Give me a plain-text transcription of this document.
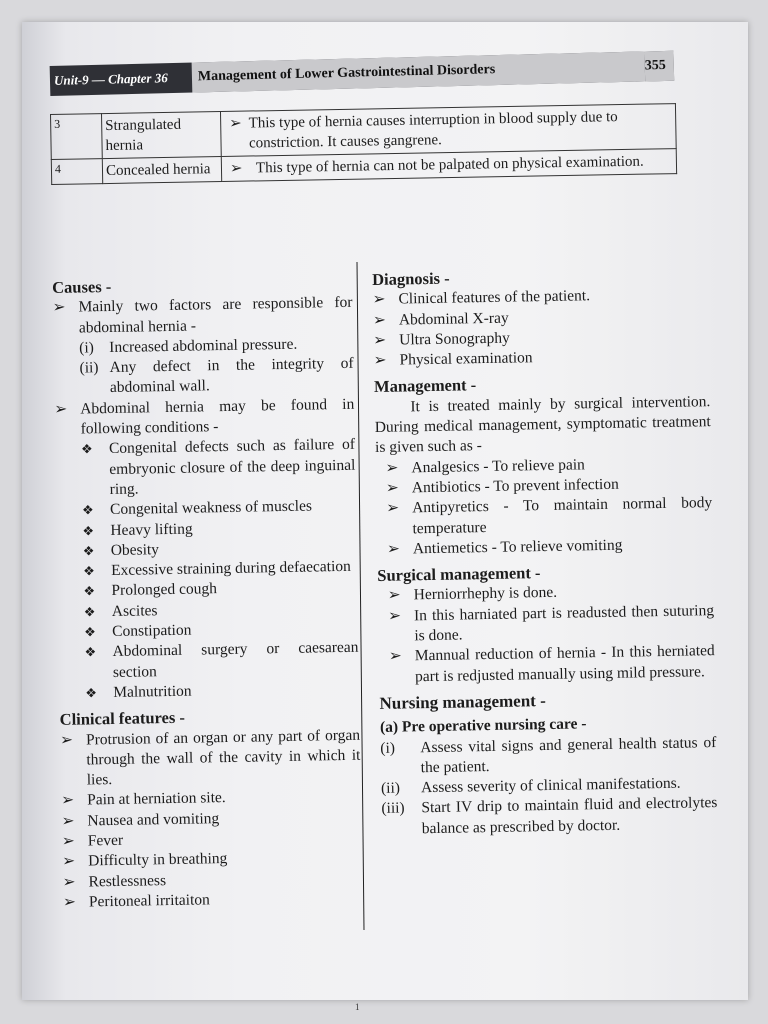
Unit-9 — Chapter 36	Management of Lower Gastrointestinal Disorders	355
3	Strangulated hernia	➢ This type of hernia causes interruption in blood supply due to constriction. It causes gangrene.

4	Concealed hernia	➢ This type of hernia can not be palpated on physical examination.
Causes -
➢ Mainly two factors are responsible for abdominal hernia -
(i) Increased abdominal pressure.
(ii) Any defect in the integrity of abdominal wall.
➢ Abdominal hernia may be found in following conditions -
❖	Congenital defects such as failure of embryonic closure of the deep inguinal ring.
❖	Congenital weakness of muscles
❖	Heavy lifting
❖	Obesity
❖	Excessive straining during defaecation
❖	Prolonged cough
❖	Ascites
❖	Constipation
❖	Abdominal surgery or caesarean section
❖	Malnutrition
Clinical features -
➢ Protrusion of an organ or any part of organ through the wall of the cavity in which it lies.
➢ Pain at herniation site.
➢ Nausea and vomiting
➢ Fever
➢ Difficulty in breathing
➢ Restlessness
➢ Peritoneal irritaiton
Diagnosis -
➢ Clinical features of the patient.
➢ Abdominal X-ray
➢ Ultra Sonography
➢ Physical examination
Management -
It is treated mainly by surgical intervention. During medical management, symptomatic treatment is given such as -
➢ Analgesics - To relieve pain
➢ Antibiotics - To prevent infection
➢ Antipyretics - To maintain normal body temperature
➢ Antiemetics - To relieve vomiting
Surgical management -
➢ Herniorrhephy is done.
➢ In this harniated part is readusted then suturing is done.
➢ Mannual reduction of hernia - In this herniated part is redjusted manually using mild pressure.
Nursing management -
(a) Pre operative nursing care -
(i)	Assess vital signs and general health status of the patient.
(ii)	Assess severity of clinical manifestations.
(iii)	Start IV drip to maintain fluid and electrolytes balance as prescribed by doctor.
1
